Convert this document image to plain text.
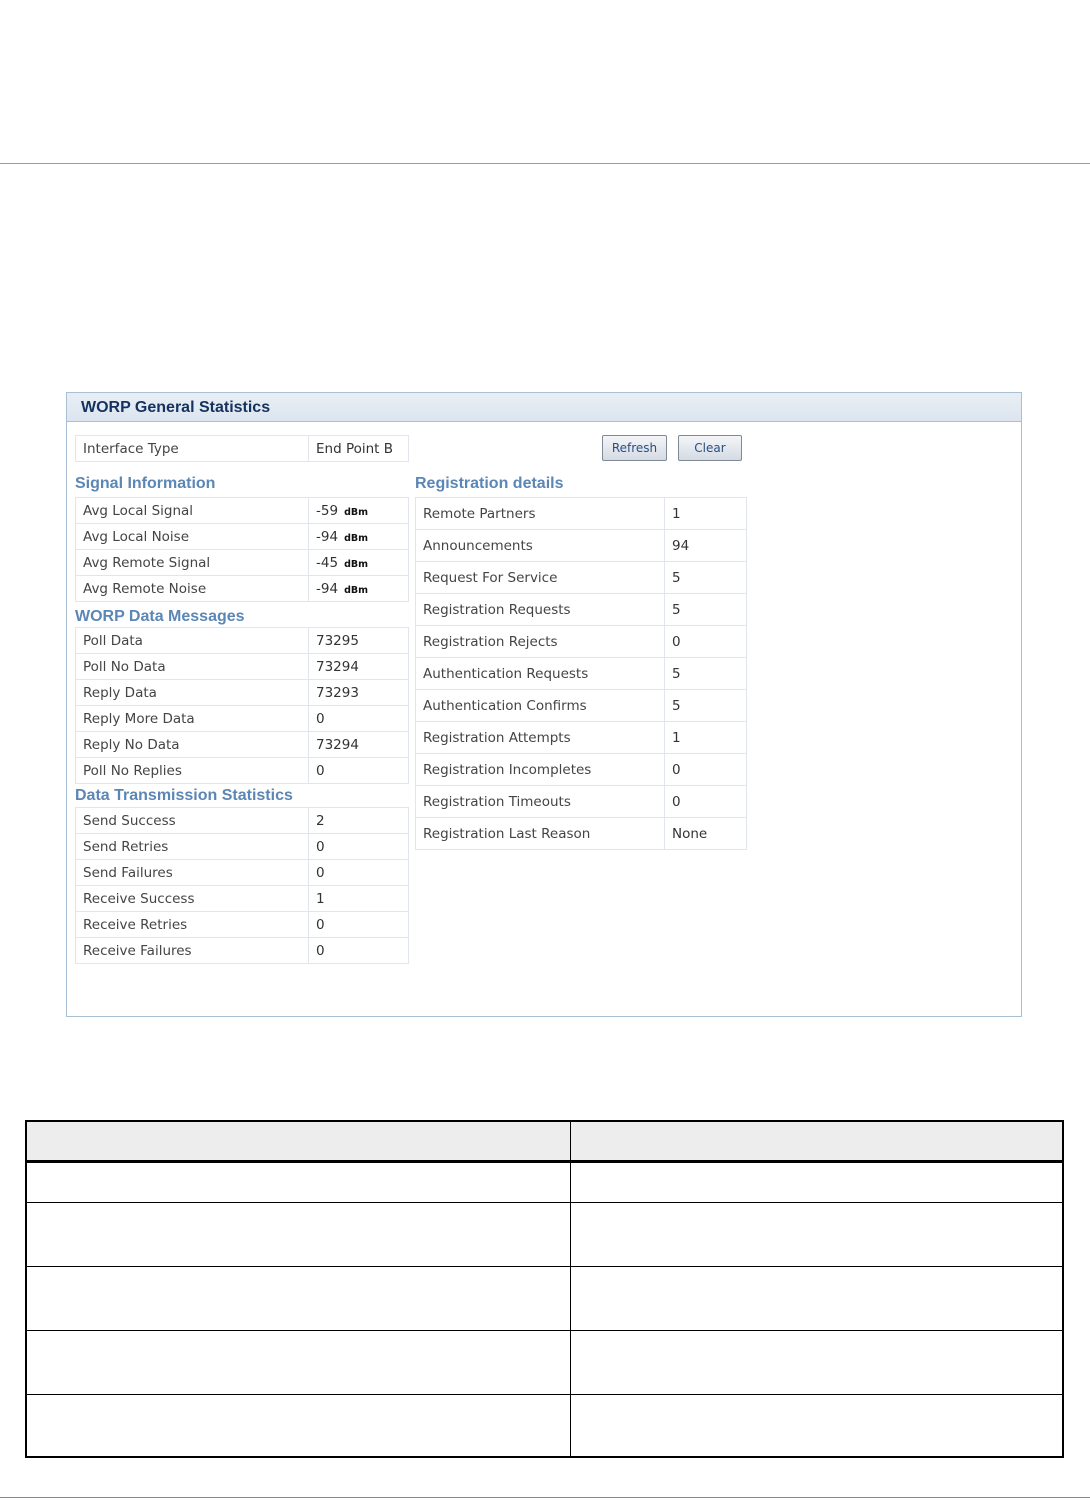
WORP General Statistics
Interface Type	End Point B	Refresh	Clear
Signal Information
Avg Local Signal	-59 dBm
Avg Local Noise	-94 dBm
Avg Remote Signal	-45 dBm
Avg Remote Noise	-94 dBm
WORP Data Messages
Poll Data	73295
Poll No Data	73294
Reply Data	73293
Reply More Data	0
Reply No Data	73294
Poll No Replies	0
Data Transmission Statistics
Send Success	2
Send Retries	0
Send Failures	0
Receive Success	1
Receive Retries	0
Receive Failures	0
Registration details
Remote Partners	1
Announcements	94
Request For Service	5
Registration Requests	5
Registration Rejects	0
Authentication Requests	5
Authentication Confirms	5
Registration Attempts	1
Registration Incompletes	0
Registration Timeouts	0
Registration Last Reason	None
